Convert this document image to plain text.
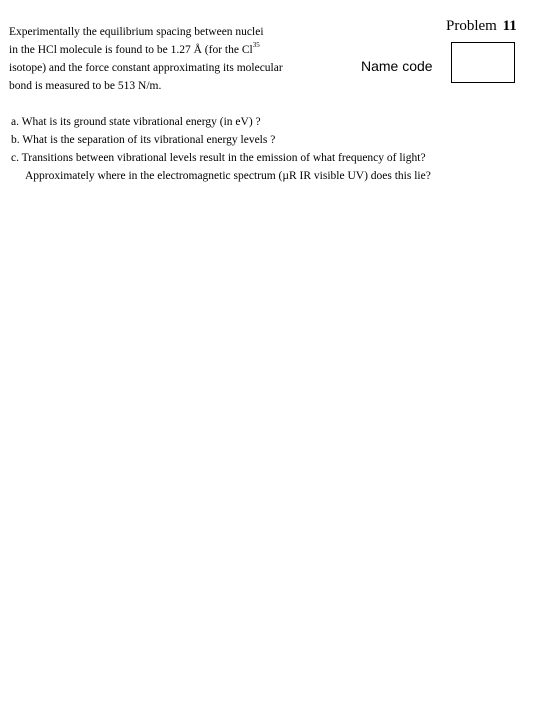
Experimentally the equilibrium spacing between nuclei
in the HCl molecule is found to be 1.27 Å (for the Cl$^{35}$
isotope) and the force constant approximating its molecular
bond is measured to be 513 N/m.
Problem 11
Name code
a. What is its ground state vibrational energy (in eV) ?
b. What is the separation of its vibrational energy levels ?
c. Transitions between vibrational levels result in the emission of what frequency of light?
Approximately where in the electromagnetic spectrum (µR IR visible UV) does this lie?
